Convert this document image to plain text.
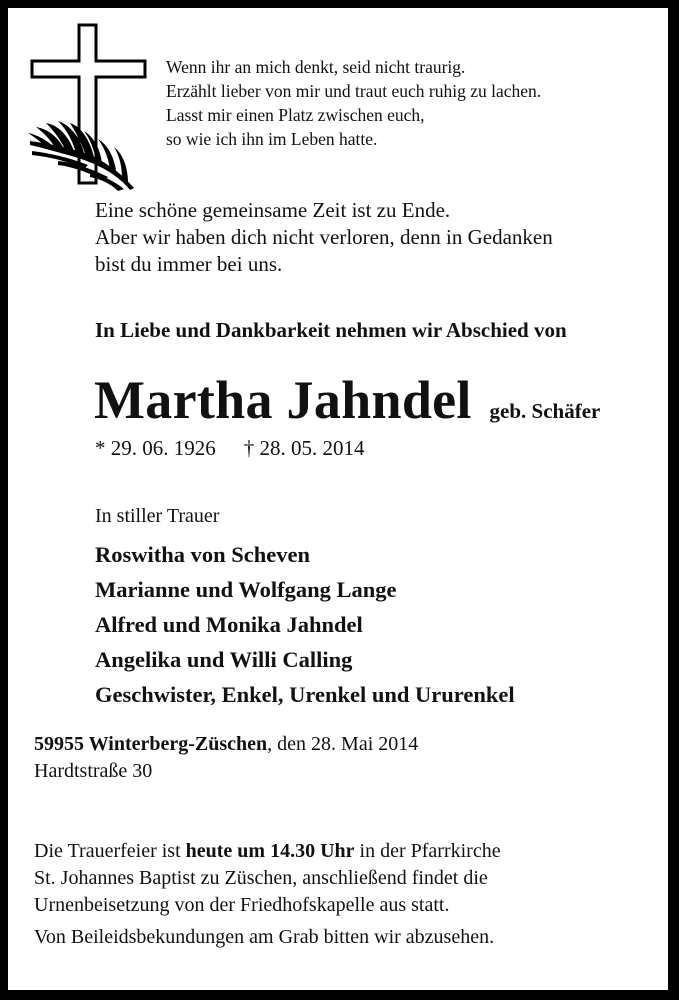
Wenn ihr an mich denkt, seid nicht traurig.
Erzählt lieber von mir und traut euch ruhig zu lachen.
Lasst mir einen Platz zwischen euch,
so wie ich ihn im Leben hatte.
Eine schöne gemeinsame Zeit ist zu Ende.
Aber wir haben dich nicht verloren, denn in Gedanken
bist du immer bei uns.
In Liebe und Dankbarkeit nehmen wir Abschied von
Martha Jahndel geb. Schäfer
* 29. 06. 1926 † 28. 05. 2014
In stiller Trauer
Roswitha von Scheven
Marianne und Wolfgang Lange
Alfred und Monika Jahndel
Angelika und Willi Calling
Geschwister, Enkel, Urenkel und Ururenkel
59955 Winterberg-Züschen, den 28. Mai 2014
Hardtstraße 30
Die Trauerfeier ist heute um 14.30 Uhr in der Pfarrkirche
St. Johannes Baptist zu Züschen, anschließend findet die
Urnenbeisetzung von der Friedhofskapelle aus statt.
Von Beileidsbekundungen am Grab bitten wir abzusehen.
